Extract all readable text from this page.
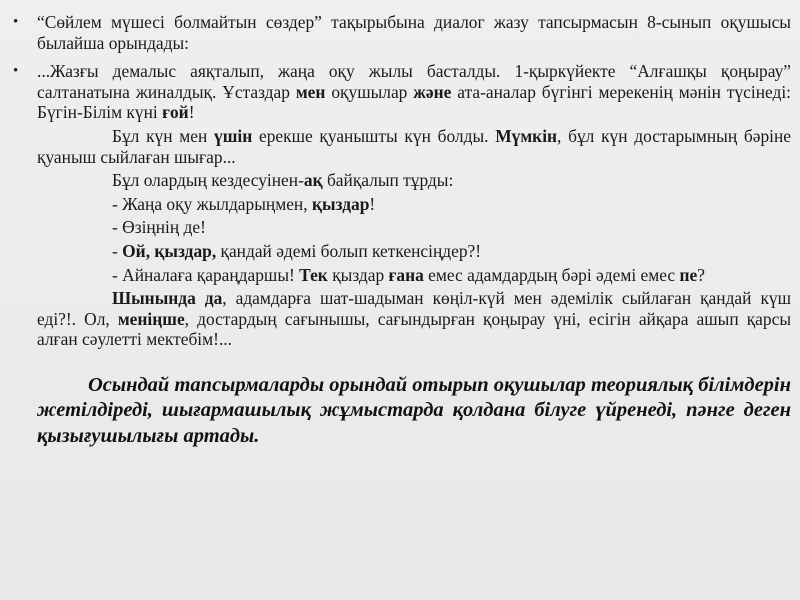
• “Сөйлем мүшесі болмайтын сөздер” тақырыбына диалог жазу тапсырмасын 8-сынып оқушысы былайша орындады:
• ...Жазғы демалыс аяқталып, жаңа оқу жылы басталды. 1-қыркүйекте “Алғашқы қоңырау” салтанатына жиналдық. Ұстаздар мен оқушылар және ата-аналар бүгінгі мерекенің мәнін түсінеді: Бүгін-Білім күні ғой!
Бұл күн мен үшін ерекше қуанышты күн болды. Мүмкін, бұл күн достарымның бәріне қуаныш сыйлаған шығар...
Бұл олардың кездесуінен-ақ байқалып тұрды:
- Жаңа оқу жылдарыңмен, қыздар!
- Өзіңнің де!
- Ой, қыздар, қандай әдемі болып кеткенсіңдер?!
- Айналаға қараңдаршы! Тек қыздар ғана емес адамдардың бәрі әдемі емес пе?
Шынында да, адамдарға шат-шадыман көңіл-күй мен әдемілік сыйлаған қандай күш еді?!. Ол, меніңше, достардың сағынышы, сағындырған қоңырау үні, есігін айқара ашып қарсы алған сәулетті мектебім!...
Осындай тапсырмаларды орындай отырып оқушылар теориялық білімдерін жетілдіреді, шығармашылық жұмыстарда қолдана білуге үйренеді, пәнге деген қызығушылығы артады.
